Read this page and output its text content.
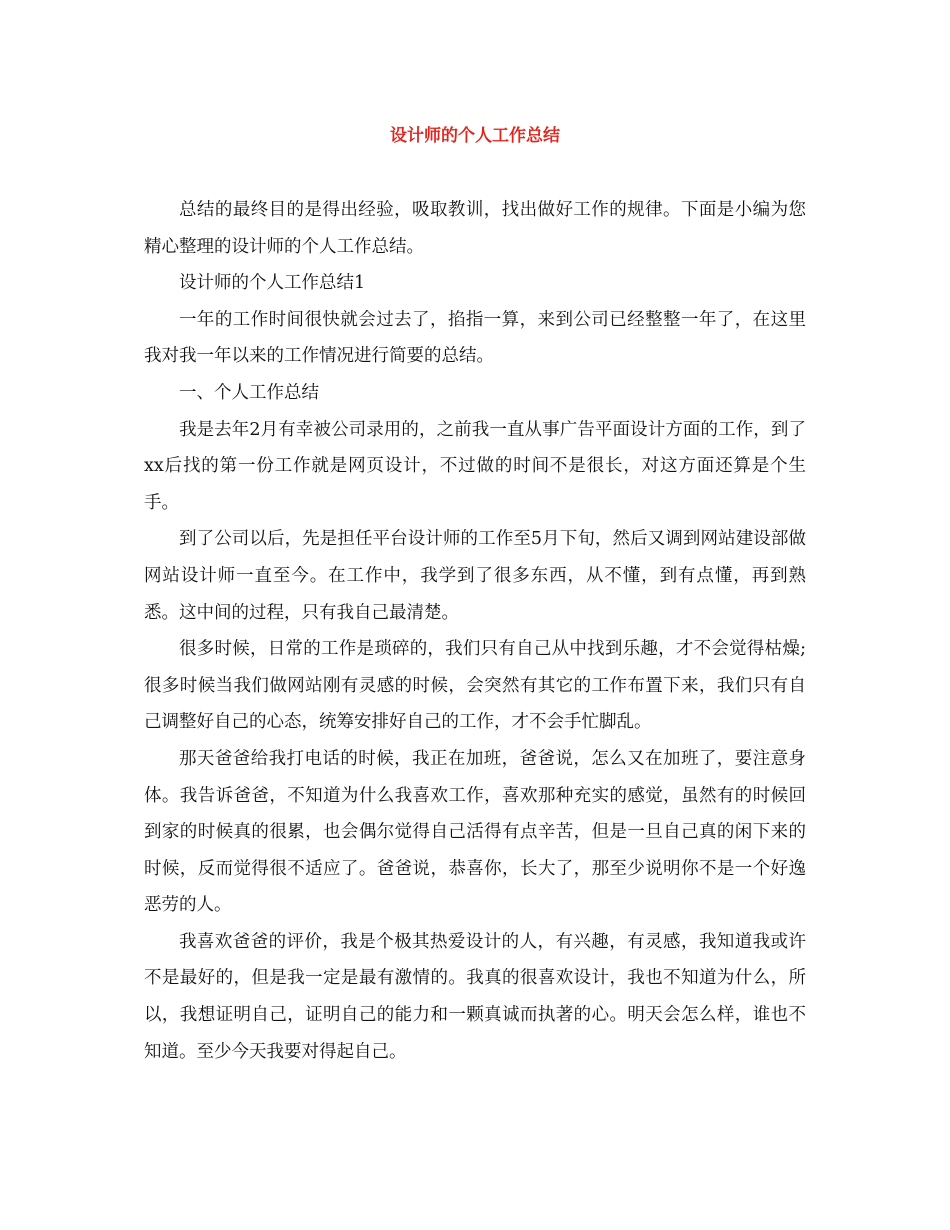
设计师的个人工作总结

总结的最终目的是得出经验，吸取教训，找出做好工作的规律。下面是小编为您精心整理的设计师的个人工作总结。

设计师的个人工作总结1

一年的工作时间很快就会过去了，掐指一算，来到公司已经整整一年了，在这里我对我一年以来的工作情况进行简要的总结。

一、个人工作总结

我是去年2月有幸被公司录用的，之前我一直从事广告平面设计方面的工作，到了xx后找的第一份工作就是网页设计，不过做的时间不是很长，对这方面还算是个生手。

到了公司以后，先是担任平台设计师的工作至5月下旬，然后又调到网站建设部做网站设计师一直至今。在工作中，我学到了很多东西，从不懂，到有点懂，再到熟悉。这中间的过程，只有我自己最清楚。

很多时候，日常的工作是琐碎的，我们只有自己从中找到乐趣，才不会觉得枯燥;很多时候当我们做网站刚有灵感的时候，会突然有其它的工作布置下来，我们只有自己调整好自己的心态，统筹安排好自己的工作，才不会手忙脚乱。

那天爸爸给我打电话的时候，我正在加班，爸爸说，怎么又在加班了，要注意身体。我告诉爸爸，不知道为什么我喜欢工作，喜欢那种充实的感觉，虽然有的时候回到家的时候真的很累，也会偶尔觉得自己活得有点辛苦，但是一旦自己真的闲下来的时候，反而觉得很不适应了。爸爸说，恭喜你，长大了，那至少说明你不是一个好逸恶劳的人。

我喜欢爸爸的评价，我是个极其热爱设计的人，有兴趣，有灵感，我知道我或许不是最好的，但是我一定是最有激情的。我真的很喜欢设计，我也不知道为什么，所以，我想证明自己，证明自己的能力和一颗真诚而执著的心。明天会怎么样，谁也不知道。至少今天我要对得起自己。
